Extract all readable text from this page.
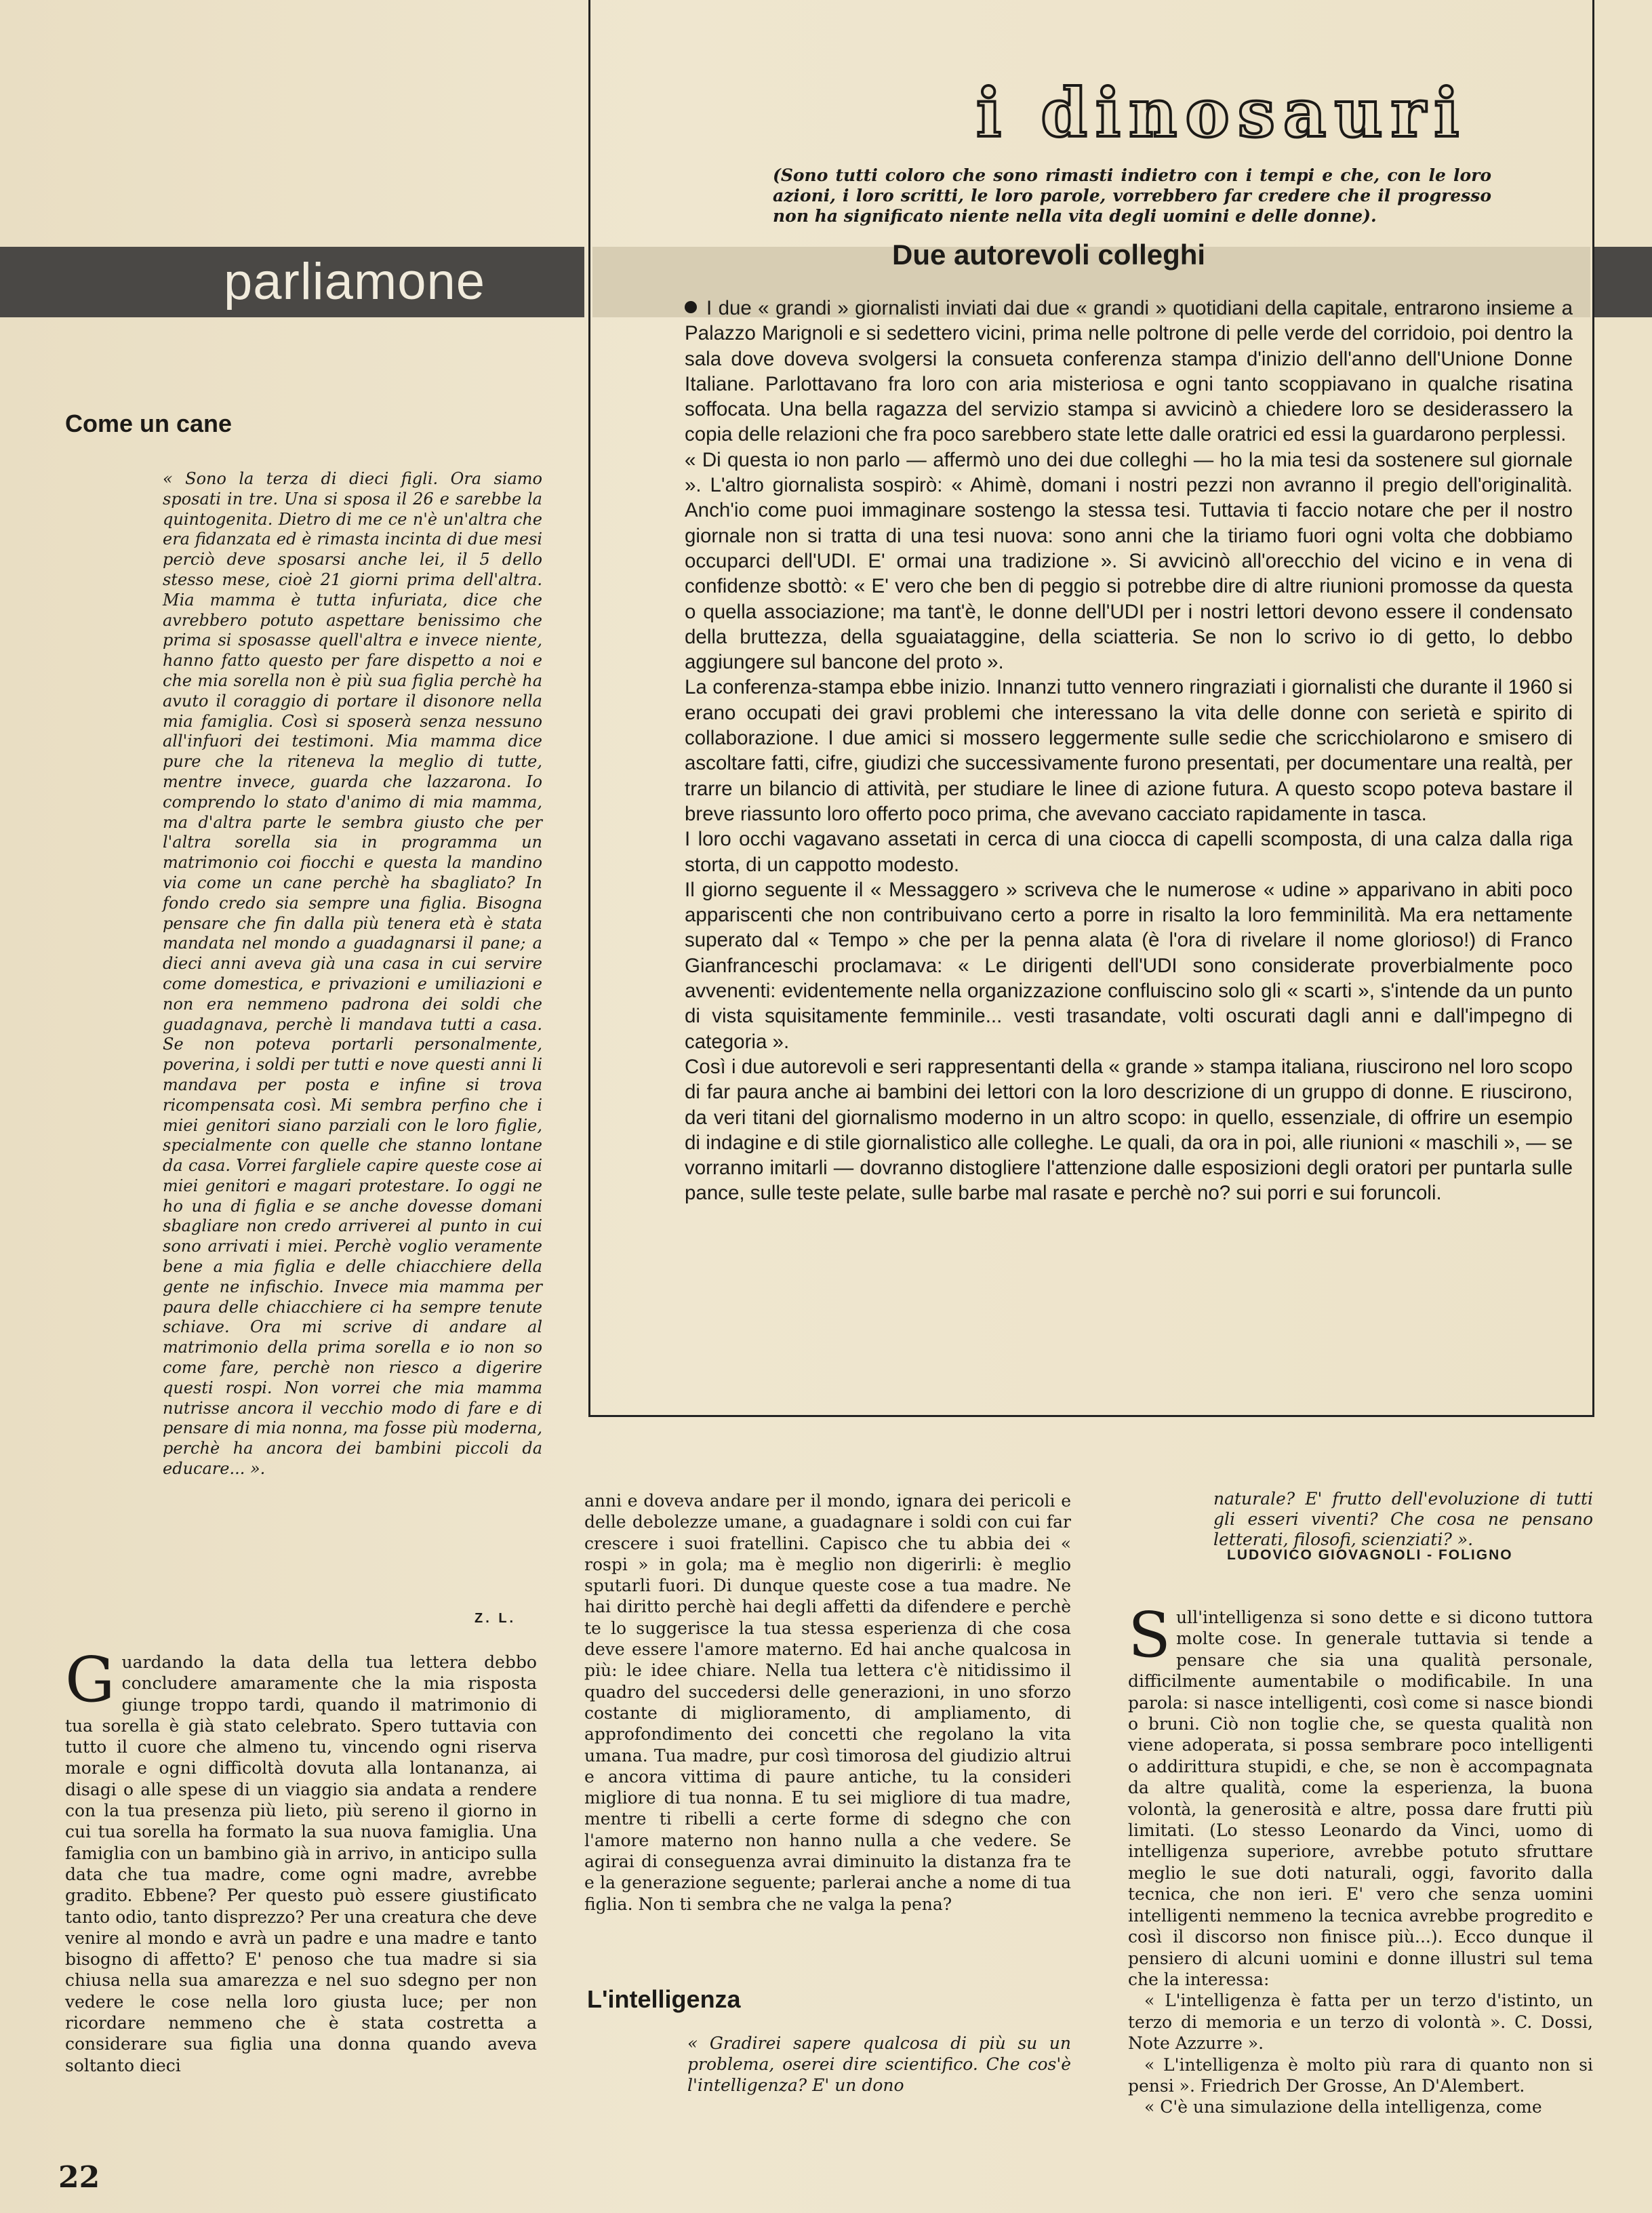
parliamone
i dinosauri
(Sono tutti coloro che sono rimasti indietro con i tempi e che, con le loro azioni, i loro scritti, le loro parole, vorrebbero far credere che il progresso non ha significato niente nella vita degli uomini e delle donne).
Due autorevoli colleghi

I due « grandi » giornalisti inviati dai due « grandi » quotidiani della capitale, entrarono insieme a Palazzo Marignoli e si sedettero vicini, prima nelle poltrone di pelle verde del corridoio, poi dentro la sala dove doveva svolgersi la consueta conferenza stampa d'inizio dell'anno dell'Unione Donne Italiane. Parlottavano fra loro con aria misteriosa e ogni tanto scoppiavano in qualche risatina soffocata. Una bella ragazza del servizio stampa si avvicinò a chiedere loro se desiderassero la copia delle relazioni che fra poco sarebbero state lette dalle oratrici ed essi la guardarono perplessi.

« Di questa io non parlo — affermò uno dei due colleghi — ho la mia tesi da sostenere sul giornale ». L'altro giornalista sospirò: « Ahimè, domani i nostri pezzi non avranno il pregio dell'originalità. Anch'io come puoi immaginare sostengo la stessa tesi. Tuttavia ti faccio notare che per il nostro giornale non si tratta di una tesi nuova: sono anni che la tiriamo fuori ogni volta che dobbiamo occuparci dell'UDI. E' ormai una tradizione ». Si avvicinò all'orecchio del vicino e in vena di confidenze sbottò: « E' vero che ben di peggio si potrebbe dire di altre riunioni promosse da questa o quella associazione; ma tant'è, le donne dell'UDI per i nostri lettori devono essere il condensato della bruttezza, della sguaiataggine, della sciatteria. Se non lo scrivo io di getto, lo debbo aggiungere sul bancone del proto ».

La conferenza-stampa ebbe inizio. Innanzi tutto vennero ringraziati i giornalisti che durante il 1960 si erano occupati dei gravi problemi che interessano la vita delle donne con serietà e spirito di collaborazione. I due amici si mossero leggermente sulle sedie che scricchiolarono e smisero di ascoltare fatti, cifre, giudizi che successivamente furono presentati, per documentare una realtà, per trarre un bilancio di attività, per studiare le linee di azione futura. A questo scopo poteva bastare il breve riassunto loro offerto poco prima, che avevano cacciato rapidamente in tasca.

I loro occhi vagavano assetati in cerca di una ciocca di capelli scomposta, di una calza dalla riga storta, di un cappotto modesto.

Il giorno seguente il « Messaggero » scriveva che le numerose « udine » apparivano in abiti poco appariscenti che non contribuivano certo a porre in risalto la loro femminilità. Ma era nettamente superato dal « Tempo » che per la penna alata (è l'ora di rivelare il nome glorioso!) di Franco Gianfranceschi proclamava: « Le dirigenti dell'UDI sono considerate proverbialmente poco avvenenti: evidentemente nella organizzazione confluiscino solo gli « scarti », s'intende da un punto di vista squisitamente femminile... vesti trasandate, volti oscurati dagli anni e dall'impegno di categoria ».

Così i due autorevoli e seri rappresentanti della « grande » stampa italiana, riuscirono nel loro scopo di far paura anche ai bambini dei lettori con la loro descrizione di un gruppo di donne. E riuscirono, da veri titani del giornalismo moderno in un altro scopo: in quello, essenziale, di offrire un esempio di indagine e di stile giornalistico alle colleghe. Le quali, da ora in poi, alle riunioni « maschili », — se vorranno imitarli — dovranno distogliere l'attenzione dalle esposizioni degli oratori per puntarla sulle pance, sulle teste pelate, sulle barbe mal rasate e perchè no? sui porri e sui foruncoli.

Come un cane
« Sono la terza di dieci figli. Ora siamo sposati in tre. Una si sposa il 26 e sarebbe la quintogenita. Dietro di me ce n'è un'altra che era fidanzata ed è rimasta incinta di due mesi perciò deve sposarsi anche lei, il 5 dello stesso mese, cioè 21 giorni prima dell'altra. Mia mamma è tutta infuriata, dice che avrebbero potuto aspettare benissimo che prima si sposasse quell'altra e invece niente, hanno fatto questo per fare dispetto a noi e che mia sorella non è più sua figlia perchè ha avuto il coraggio di portare il disonore nella mia famiglia. Così si sposerà senza nessuno all'infuori dei testimoni. Mia mamma dice pure che la riteneva la meglio di tutte, mentre invece, guarda che lazzarona. Io comprendo lo stato d'animo di mia mamma, ma d'altra parte le sembra giusto che per l'altra sorella sia in programma un matrimonio coi fiocchi e questa la mandino via come un cane perchè ha sbagliato? In fondo credo sia sempre una figlia. Bisogna pensare che fin dalla più tenera età è stata mandata nel mondo a guadagnarsi il pane; a dieci anni aveva già una casa in cui servire come domestica, e privazioni e umiliazioni e non era nemmeno padrona dei soldi che guadagnava, perchè li mandava tutti a casa. Se non poteva portarli personalmente, poverina, i soldi per tutti e nove questi anni li mandava per posta e infine si trova ricompensata così. Mi sembra perfino che i miei genitori siano parziali con le loro figlie, specialmente con quelle che stanno lontane da casa. Vorrei fargliele capire queste cose ai miei genitori e magari protestare. Io oggi ne ho una di figlia e se anche dovesse domani sbagliare non credo arriverei al punto in cui sono arrivati i miei. Perchè voglio veramente bene a mia figlia e delle chiacchiere della gente ne infischio. Invece mia mamma per paura delle chiacchiere ci ha sempre tenute schiave. Ora mi scrive di andare al matrimonio della prima sorella e io non so come fare, perchè non riesco a digerire questi rospi. Non vorrei che mia mamma nutrisse ancora il vecchio modo di fare e di pensare di mia nonna, ma fosse più moderna, perchè ha ancora dei bambini piccoli da educare... ».
Z. L.
Guardando la data della tua lettera debbo concludere amaramente che la mia risposta giunge troppo tardi, quando il matrimonio di tua sorella è già stato celebrato. Spero tuttavia con tutto il cuore che almeno tu, vincendo ogni riserva morale e ogni difficoltà dovuta alla lontananza, ai disagi o alle spese di un viaggio sia andata a rendere con la tua presenza più lieto, più sereno il giorno in cui tua sorella ha formato la sua nuova famiglia. Una famiglia con un bambino già in arrivo, in anticipo sulla data che tua madre, come ogni madre, avrebbe gradito. Ebbene? Per questo può essere giustificato tanto odio, tanto disprezzo? Per una creatura che deve venire al mondo e avrà un padre e una madre e tanto bisogno di affetto? E' penoso che tua madre si sia chiusa nella sua amarezza e nel suo sdegno per non vedere le cose nella loro giusta luce; per non ricordare nemmeno che è stata costretta a considerare sua figlia una donna quando aveva soltanto dieci
anni e doveva andare per il mondo, ignara dei pericoli e delle debolezze umane, a guadagnare i soldi con cui far crescere i suoi fratellini. Capisco che tu abbia dei « rospi » in gola; ma è meglio non digerirli: è meglio sputarli fuori. Di dunque queste cose a tua madre. Ne hai diritto perchè hai degli affetti da difendere e perchè te lo suggerisce la tua stessa esperienza di che cosa deve essere l'amore materno. Ed hai anche qualcosa in più: le idee chiare. Nella tua lettera c'è nitidissimo il quadro del succedersi delle generazioni, in uno sforzo costante di miglioramento, di ampliamento, di approfondimento dei concetti che regolano la vita umana. Tua madre, pur così timorosa del giudizio altrui e ancora vittima di paure antiche, tu la consideri migliore di tua nonna. E tu sei migliore di tua madre, mentre ti ribelli a certe forme di sdegno che con l'amore materno non hanno nulla a che vedere. Se agirai di conseguenza avrai diminuito la distanza fra te e la generazione seguente; parlerai anche a nome di tua figlia. Non ti sembra che ne valga la pena?
L'intelligenza
« Gradirei sapere qualcosa di più su un problema, oserei dire scientifico. Che cos'è l'intelligenza? E' un dono
naturale? E' frutto dell'evoluzione di tutti gli esseri viventi? Che cosa ne pensano letterati, filosofi, scienziati? ».
LUDOVICO GIOVAGNOLI - FOLIGNO

Sull'intelligenza si sono dette e si dicono tuttora molte cose. In generale tuttavia si tende a pensare che sia una qualità personale, difficilmente aumentabile o modificabile. In una parola: si nasce intelligenti, così come si nasce biondi o bruni. Ciò non toglie che, se questa qualità non viene adoperata, si possa sembrare poco intelligenti o addirittura stupidi, e che, se non è accompagnata da altre qualità, come la esperienza, la buona volontà, la generosità e altre, possa dare frutti più limitati. (Lo stesso Leonardo da Vinci, uomo di intelligenza superiore, avrebbe potuto sfruttare meglio le sue doti naturali, oggi, favorito dalla tecnica, che non ieri. E' vero che senza uomini intelligenti nemmeno la tecnica avrebbe progredito e così il discorso non finisce più...). Ecco dunque il pensiero di alcuni uomini e donne illustri sul tema che la interessa:

« L'intelligenza è fatta per un terzo d'istinto, un terzo di memoria e un terzo di volontà ». C. Dossi, Note Azzurre ».

« L'intelligenza è molto più rara di quanto non si pensi ». Friedrich Der Grosse, An D'Alembert.

« C'è una simulazione della intelligenza, come

22
